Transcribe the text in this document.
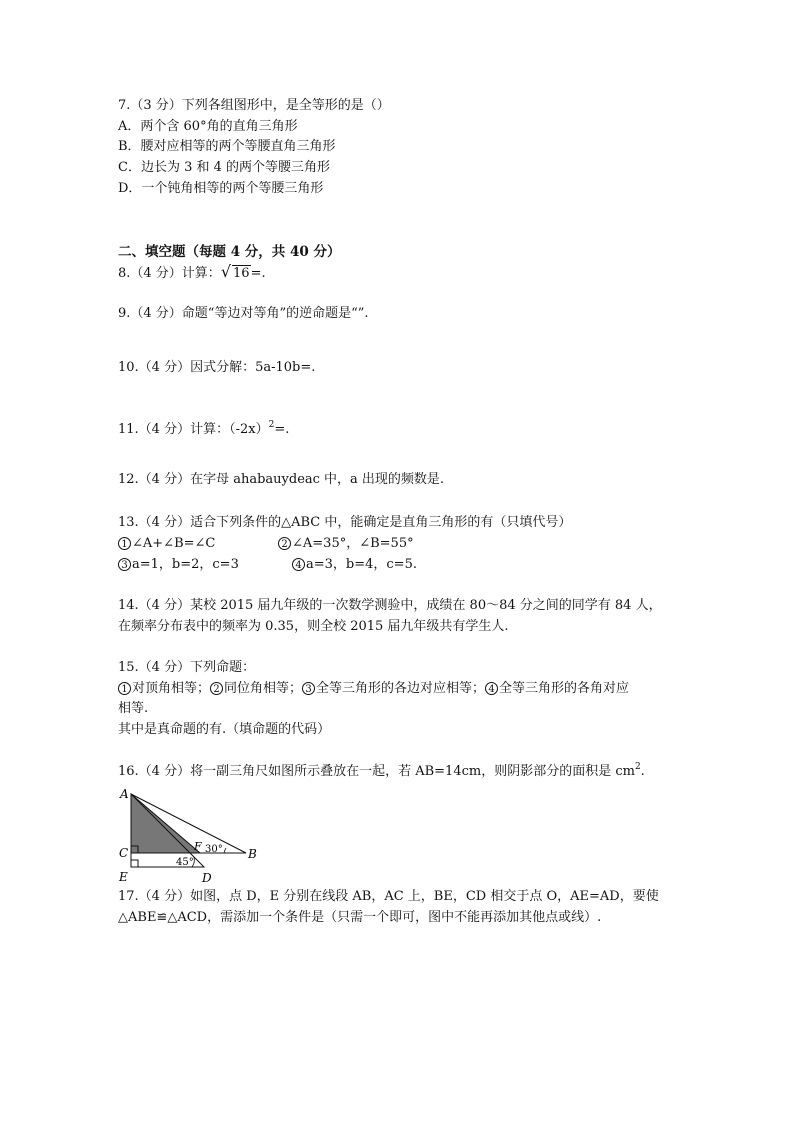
7.（3 分）下列各组图形中，是全等形的是（）
A．两个含 60°角的直角三角形
B．腰对应相等的两个等腰直角三角形
C．边长为 3 和 4 的两个等腰三角形
D．一个钝角相等的两个等腰三角形
二、填空题（每题 4 分，共 40 分）
8.（4 分）计算：√ 16=.
9.（4 分）命题“等边对等角”的逆命题是“”.
10.（4 分）因式分解：5a-10b=.
11.（4 分）计算：$(-2x)^2=$.
12.（4 分）在字母 ahabauydeac 中，a 出现的频数是.
13.（4 分）适合下列条件的△ABC 中，能确定是直角三角形的有（只填代号）
1 ∠A+∠B=∠C	2 ∠A=35°，∠B=55°
3 a=1，b=2，c=3	4 a=3，b=4，c=5.
14.（4 分）某校 2015 届九年级的一次数学测验中，成绩在 80～84 分之间的同学有 84 人，
在频率分布表中的频率为 0.35，则全校 2015 届九年级共有学生人.
15.（4 分）下列命题：
1 对顶角相等； 2 同位角相等； 3 全等三角形的各边对应相等； 4 全等三角形的各角对应
相等.
其中是真命题的有.（填命题的代码）
16.（4 分）将一副三角尺如图所示叠放在一起，若 AB=14cm，则阴影部分的面积是 $cm^2$.
A
C
E	D
B
F 30°
45°
17.（4 分）如图，点 D，E 分别在线段 AB，AC 上，BE，CD 相交于点 O，AE=AD，要使
△ABE≌△ACD，需添加一个条件是（只需一个即可，图中不能再添加其他点或线）.
